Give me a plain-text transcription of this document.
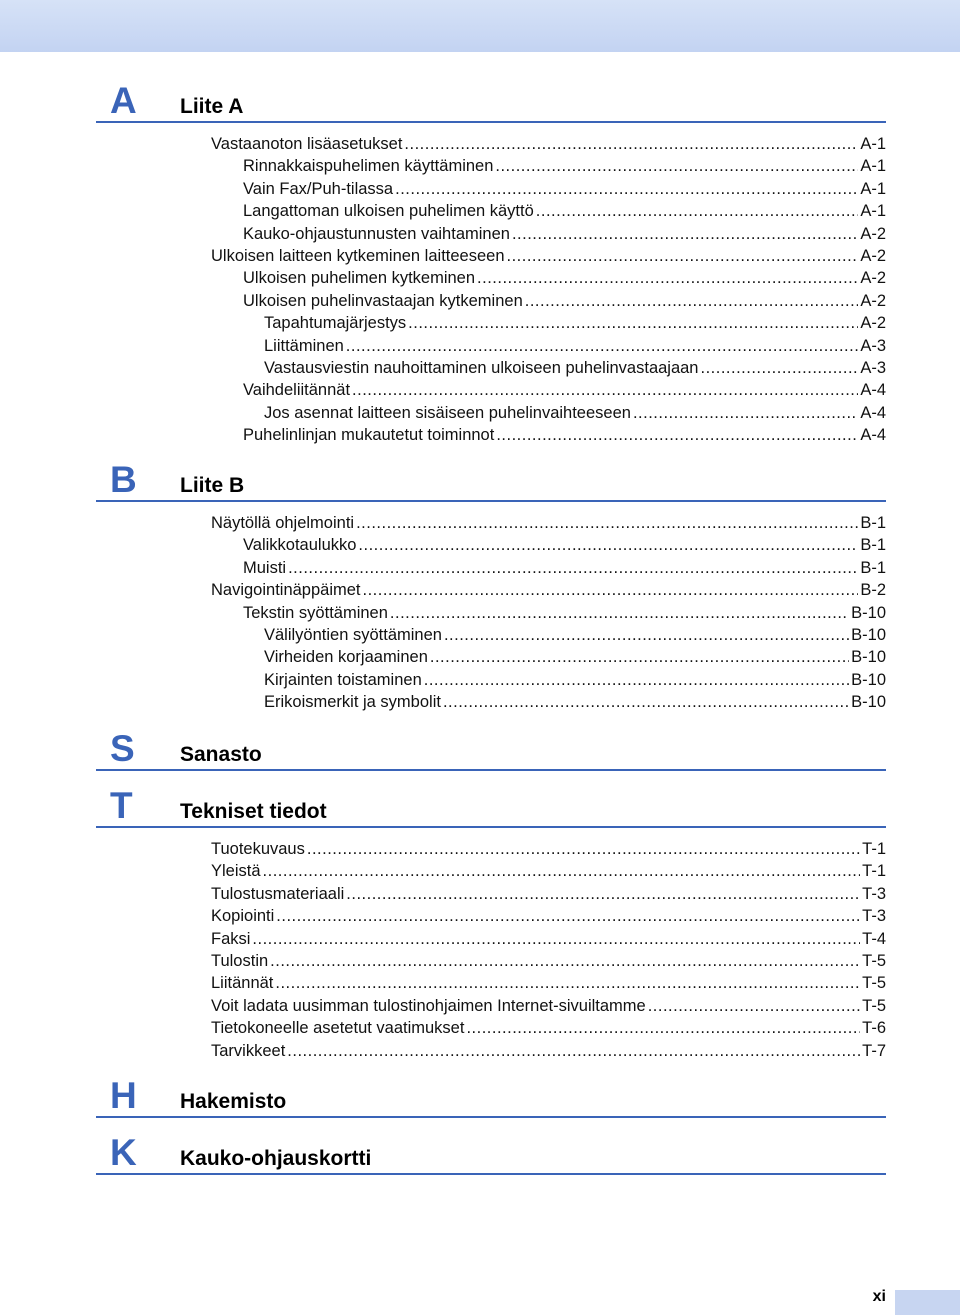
A Liite A
Vastaanoton lisäasetukset .....	A-1
Rinnakkaispuhelimen käyttäminen .....	A-1
Vain Fax/Puh-tilassa .....	A-1
Langattoman ulkoisen puhelimen käyttö .....	A-1
Kauko-ohjaustunnusten vaihtaminen .....	A-2
Ulkoisen laitteen kytkeminen laitteeseen .....	A-2
Ulkoisen puhelimen kytkeminen .....	A-2
Ulkoisen puhelinvastaajan kytkeminen .....	A-2
Tapahtumajärjestys .....	A-2
Liittäminen .....	A-3
Vastausviestin nauhoittaminen ulkoiseen puhelinvastaajaan .....	A-3
Vaihdeliitännät .....	A-4
Jos asennat laitteen sisäiseen puhelinvaihteeseen .....	A-4
Puhelinlinjan mukautetut toiminnot .....	A-4
B Liite B
Näytöllä ohjelmointi .....	B-1
Valikkotaulukko .....	B-1
Muisti .....	B-1
Navigointinäppäimet .....	B-2
Tekstin syöttäminen .....	B-10
Välilyöntien syöttäminen .....	B-10
Virheiden korjaaminen .....	B-10
Kirjainten toistaminen .....	B-10
Erikoismerkit ja symbolit .....	B-10
S Sanasto
T Tekniset tiedot
Tuotekuvaus .....	T-1
Yleistä .....	T-1
Tulostusmateriaali .....	T-3
Kopiointi .....	T-3
Faksi .....	T-4
Tulostin .....	T-5
Liitännät .....	T-5
Voit ladata uusimman tulostinohjaimen Internet-sivuiltamme .....	T-5
Tietokoneelle asetetut vaatimukset .....	T-6
Tarvikkeet .....	T-7
H Hakemisto
K Kauko-ohjauskortti
xi
